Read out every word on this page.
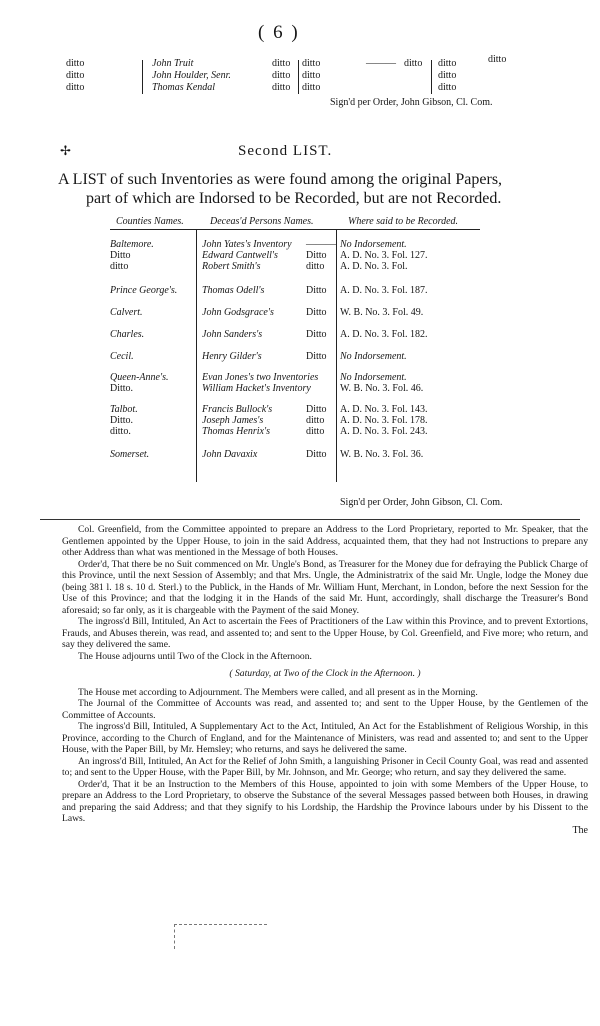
( 6 )
ditto	John Truit	ditto ditto	——— ditto ditto	ditto
ditto	John Houlder, Senr.	ditto ditto	ditto
ditto	Thomas Kendal	ditto ditto	ditto
Sign'd per Order, John Gibson, Cl. Com.
✢	Second LIST.
A LIST of such Inventories as were found among the original Papers,
part of which are Indorsed to be Recorded, but are not Recorded.
Counties Names.	Deceas'd Persons Names.	Where said to be Recorded.
Baltemore.	John Yates's Inventory	——— No Indorsement.
Ditto	Edward Cantwell's	Ditto	A. D. No. 3. Fol. 127.
ditto	Robert Smith's	ditto	A. D. No. 3. Fol.
Prince George's.	Thomas Odell's	Ditto	A. D. No. 3. Fol. 187.
Calvert.	John Godsgrace's	Ditto	W. B. No. 3. Fol. 49.
Charles.	John Sanders's	Ditto	A. D. No. 3. Fol. 182.
Cecil.	Henry Gilder's	Ditto	No Indorsement.
Queen-Anne's.	Evan Jones's two Inventories No Indorsement.
Ditto.	William Hacket's Inventory	W. B. No. 3. Fol. 46.
Talbot.	Francis Bullock's	Ditto	A. D. No. 3. Fol. 143.
Ditto.	Joseph James's	ditto	A. D. No. 3. Fol. 178.
ditto.	Thomas Henrix's	ditto	A. D. No. 3. Fol. 243.
Somerset.	John Davaxix	Ditto	W. B. No. 3. Fol. 36.
Sign'd per Order, John Gibson, Cl. Com.

Col. Greenfield, from the Committee appointed to prepare an Address to the Lord Proprietary, reported to Mr. Speaker, that the Gentlemen appointed by the Upper House, to join in the said Address, acquainted them, that they had not Instructions to prepare any other Address than what was mentioned in the Message of both Houses.

Order'd, That there be no Suit commenced on Mr. Ungle's Bond, as Treasurer for the Money due for defraying the Publick Charge of this Province, until the next Session of Assembly; and that Mrs. Ungle, the Administratrix of the said Mr. Ungle, lodge the Money due (being 381 l. 18 s. 10 d. Sterl.) to the Publick, in the Hands of Mr. William Hunt, Merchant, in London, before the next Session for the Use of this Province; and that the lodging it in the Hands of the said Mr. Hunt, accordingly, shall discharge the Treasurer's Bond aforesaid; so far only, as it is chargeable with the Payment of the said Money.

The ingross'd Bill, Intituled, An Act to ascertain the Fees of Practitioners of the Law within this Province, and to prevent Extortions, Frauds, and Abuses therein, was read, and assented to; and sent to the Upper House, by Col. Greenfield, and Five more; who return, and say they delivered the same.

The House adjourns until Two of the Clock in the Afternoon.

( Saturday, at Two of the Clock in the Afternoon. )

The House met according to Adjournment. The Members were called, and all present as in the Morning.

The Journal of the Committee of Accounts was read, and assented to; and sent to the Upper House, by the Gentlemen of the Committee of Accounts.

The ingross'd Bill, Intituled, A Supplementary Act to the Act, Intituled, An Act for the Establishment of Religious Worship, in this Province, according to the Church of England, and for the Maintenance of Ministers, was read and assented to; and sent to the Upper House, with the Paper Bill, by Mr. Hemsley; who returns, and says he delivered the same.

An ingross'd Bill, Intituled, An Act for the Relief of John Smith, a languishing Prisoner in Cecil County Goal, was read and assented to; and sent to the Upper House, with the Paper Bill, by Mr. Johnson, and Mr. George; who return, and say they delivered the same.

Order'd, That it be an Instruction to the Members of this House, appointed to join with some Members of the Upper House, to prepare an Address to the Lord Proprietary, to observe the Substance of the several Messages passed between both Houses, in drawing and preparing the said Address; and that they signify to his Lordship, the Hardship the Province labours under by his Dissent to the Laws.

The
